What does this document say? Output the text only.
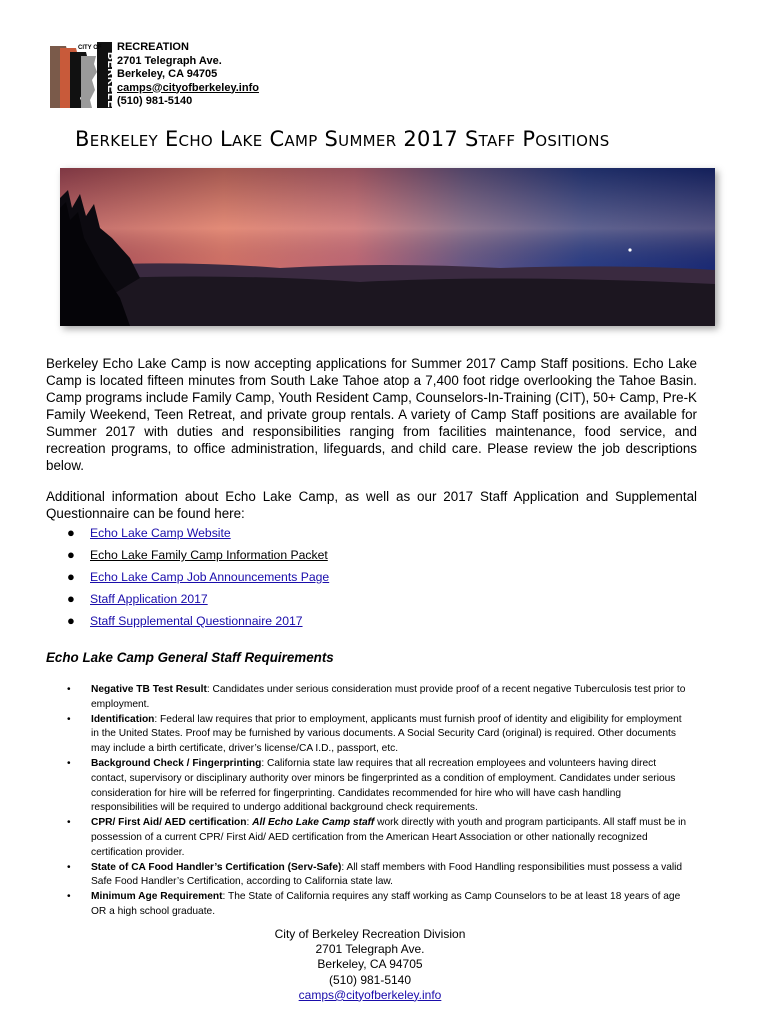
CITY OF
BERKELEY
RECREATION
2701 Telegraph Ave.
Berkeley, CA 94705
camps@cityofberkeley.info
(510) 981-5140
Berkeley Echo Lake Camp Summer 2017 Staff Positions
Berkeley Echo Lake Camp is now accepting applications for Summer 2017 Camp Staff positions. Echo Lake Camp is located fifteen minutes from South Lake Tahoe atop a 7,400 foot ridge overlooking the Tahoe Basin. Camp programs include Family Camp, Youth Resident Camp, Counselors-In-Training (CIT), 50+ Camp, Pre-K Family Weekend, Teen Retreat, and private group rentals. A variety of Camp Staff positions are available for Summer 2017 with duties and responsibilities ranging from facilities maintenance, food service, and recreation programs, to office administration, lifeguards, and child care. Please review the job descriptions below.
Additional information about Echo Lake Camp, as well as our 2017 Staff Application and Supplemental Questionnaire can be found here:
● Echo Lake Camp Website
● Echo Lake Family Camp Information Packet
● Echo Lake Camp Job Announcements Page
● Staff Application 2017
● Staff Supplemental Questionnaire 2017
Echo Lake Camp General Staff Requirements
• Negative TB Test Result: Candidates under serious consideration must provide proof of a recent negative Tuberculosis test prior to employment.
• Identification: Federal law requires that prior to employment, applicants must furnish proof of identity and eligibility for employment in the United States. Proof may be furnished by various documents. A Social Security Card (original) is required. Other documents may include a birth certificate, driver’s license/CA I.D., passport, etc.
• Background Check / Fingerprinting: California state law requires that all recreation employees and volunteers having direct contact, supervisory or disciplinary authority over minors be fingerprinted as a condition of employment. Candidates under serious consideration for hire will be referred for fingerprinting. Candidates recommended for hire who will have cash handling responsibilities will be required to undergo additional background check requirements.
• CPR/ First Aid/ AED certification: All Echo Lake Camp staff work directly with youth and program participants. All staff must be in possession of a current CPR/ First Aid/ AED certification from the American Heart Association or other nationally recognized certification provider.
• State of CA Food Handler’s Certification (Serv-Safe): All staff members with Food Handling responsibilities must possess a valid Safe Food Handler’s Certification, according to California state law.
• Minimum Age Requirement: The State of California requires any staff working as Camp Counselors to be at least 18 years of age OR a high school graduate.
City of Berkeley Recreation Division
2701 Telegraph Ave.
Berkeley, CA 94705
(510) 981-5140
camps@cityofberkeley.info
